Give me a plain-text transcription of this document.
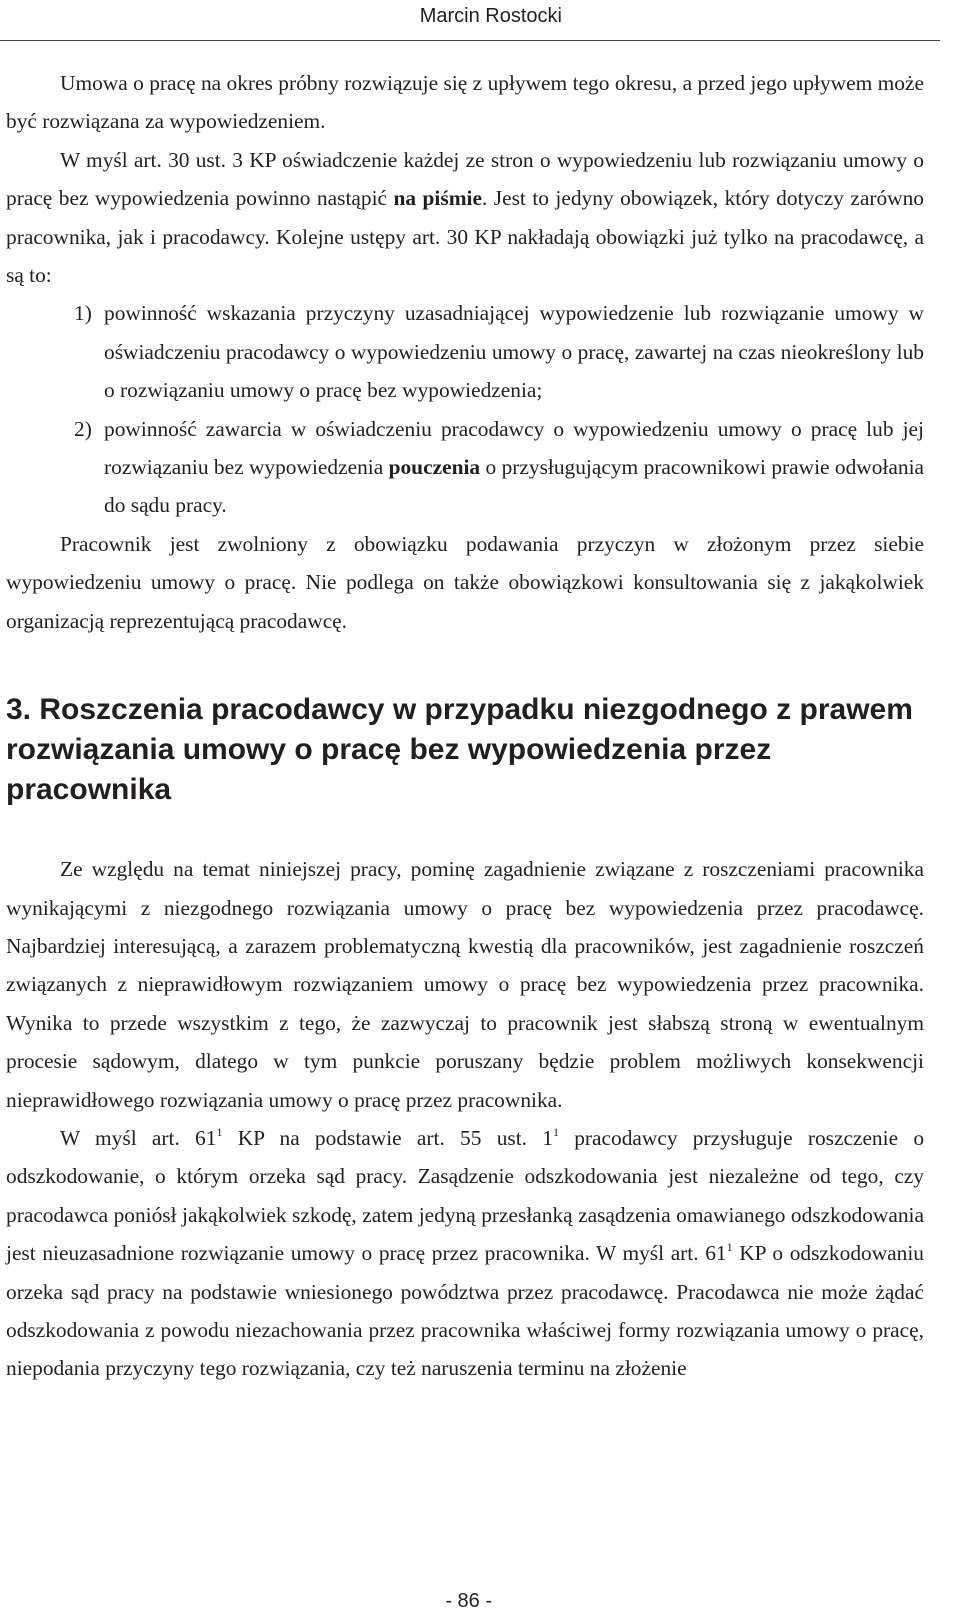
Marcin Rostocki

Umowa o pracę na okres próbny rozwiązuje się z upływem tego okresu, a przed jego upływem może być rozwiązana za wypowiedzeniem.

W myśl art. 30 ust. 3 KP oświadczenie każdej ze stron o wypowiedzeniu lub rozwiązaniu umowy o pracę bez wypowiedzenia powinno nastąpić na piśmie. Jest to jedyny obowiązek, który dotyczy zarówno pracownika, jak i pracodawcy. Kolejne ustępy art. 30 KP nakładają obowiązki już tylko na pracodawcę, a są to:

1) powinność wskazania przyczyny uzasadniającej wypowiedzenie lub rozwiązanie umowy w oświadczeniu pracodawcy o wypowiedzeniu umowy o pracę, zawartej na czas nieokreślony lub o rozwiązaniu umowy o pracę bez wypowiedzenia;
2) powinność zawarcia w oświadczeniu pracodawcy o wypowiedzeniu umowy o pracę lub jej rozwiązaniu bez wypowiedzenia pouczenia o przysługującym pracownikowi prawie odwołania do sądu pracy.

Pracownik jest zwolniony z obowiązku podawania przyczyn w złożonym przez siebie wypowiedzeniu umowy o pracę. Nie podlega on także obowiązkowi konsultowania się z jakąkolwiek organizacją reprezentującą pracodawcę.

3. Roszczenia pracodawcy w przypadku niezgodnego z prawem rozwiązania umowy o pracę bez wypowiedzenia przez pracownika

Ze względu na temat niniejszej pracy, pominę zagadnienie związane z roszczeniami pracownika wynikającymi z niezgodnego rozwiązania umowy o pracę bez wypowiedzenia przez pracodawcę. Najbardziej interesującą, a zarazem problematyczną kwestią dla pracowników, jest zagadnienie roszczeń związanych z nieprawidłowym rozwiązaniem umowy o pracę bez wypowiedzenia przez pracownika. Wynika to przede wszystkim z tego, że zazwyczaj to pracownik jest słabszą stroną w ewentualnym procesie sądowym, dlatego w tym punkcie poruszany będzie problem możliwych konsekwencji nieprawidłowego rozwiązania umowy o pracę przez pracownika.

W myśl art. $61^1$ KP na podstawie art. 55 ust. $1^1$ pracodawcy przysługuje roszczenie o odszkodowanie, o którym orzeka sąd pracy. Zasądzenie odszkodowania jest niezależne od tego, czy pracodawca poniósł jakąkolwiek szkodę, zatem jedyną przesłanką zasądzenia omawianego odszkodowania jest nieuzasadnione rozwiązanie umowy o pracę przez pracownika. W myśl art. $61^1$ KP o odszkodowaniu orzeka sąd pracy na podstawie wniesionego powództwa przez pracodawcę. Pracodawca nie może żądać odszkodowania z powodu niezachowania przez pracownika właściwej formy rozwiązania umowy o pracę, niepodania przyczyny tego rozwiązania, czy też naruszenia terminu na złożenie

- 86 -
